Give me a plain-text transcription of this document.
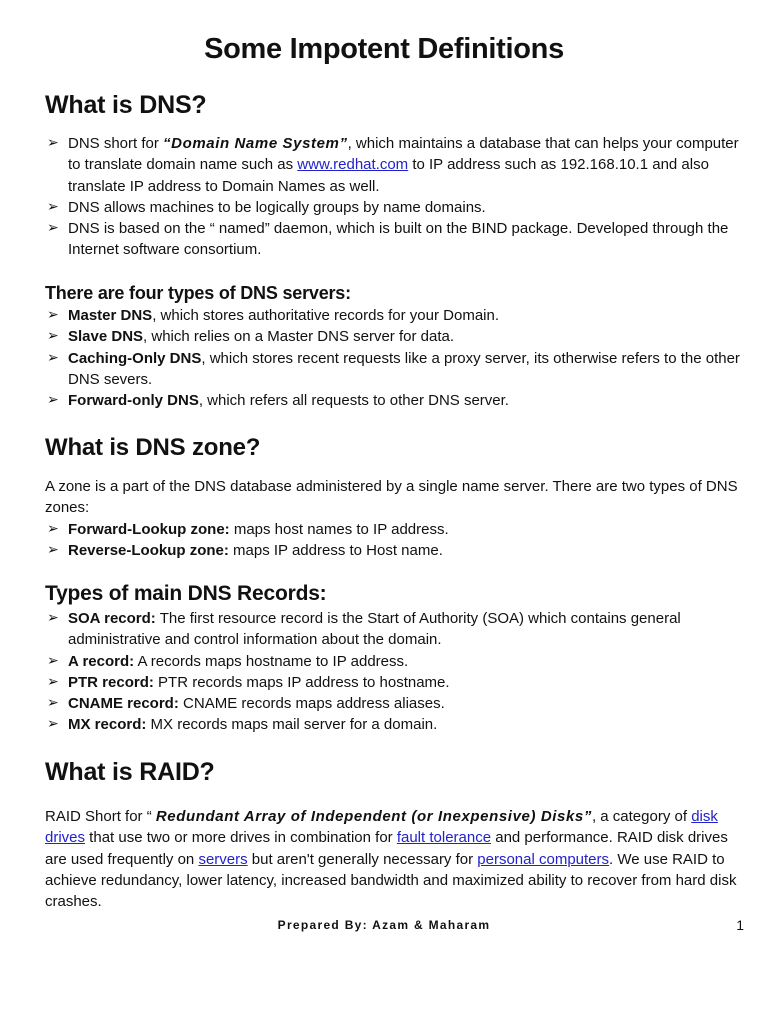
Some Impotent Definitions
What is DNS?
➢ DNS short for “Domain Name System”, which maintains a database that can helps your computer to translate domain name such as www.redhat.com to IP address such as 192.168.10.1 and also translate IP address to Domain Names as well.
➢ DNS allows machines to be logically groups by name domains.
➢ DNS is based on the “ named” daemon, which is built on the BIND package. Developed through the Internet software consortium.
There are four types of DNS servers:
➢ Master DNS, which stores authoritative records for your Domain.
➢ Slave DNS, which relies on a Master DNS server for data.
➢ Caching-Only DNS, which stores recent requests like a proxy server, its otherwise refers to the other DNS severs.
➢ Forward-only DNS, which refers all requests to other DNS server.
What is DNS zone?
A zone is a part of the DNS database administered by a single name server. There are two types of DNS zones:
➢ Forward-Lookup zone: maps host names to IP address.
➢ Reverse-Lookup zone: maps IP address to Host name.
Types of main DNS Records:
➢ SOA record: The first resource record is the Start of Authority (SOA) which contains general administrative and control information about the domain.
➢ A record: A records maps hostname to IP address.
➢ PTR record: PTR records maps IP address to hostname.
➢ CNAME record: CNAME records maps address aliases.
➢ MX record: MX records maps mail server for a domain.
What is RAID?
RAID Short for “ Redundant Array of Independent (or Inexpensive) Disks”, a category of disk drives that use two or more drives in combination for fault tolerance and performance. RAID disk drives are used frequently on servers but aren't generally necessary for personal computers. We use RAID to achieve redundancy, lower latency, increased bandwidth and maximized ability to recover from hard disk crashes.
Prepared By: Azam & Maharam	1
